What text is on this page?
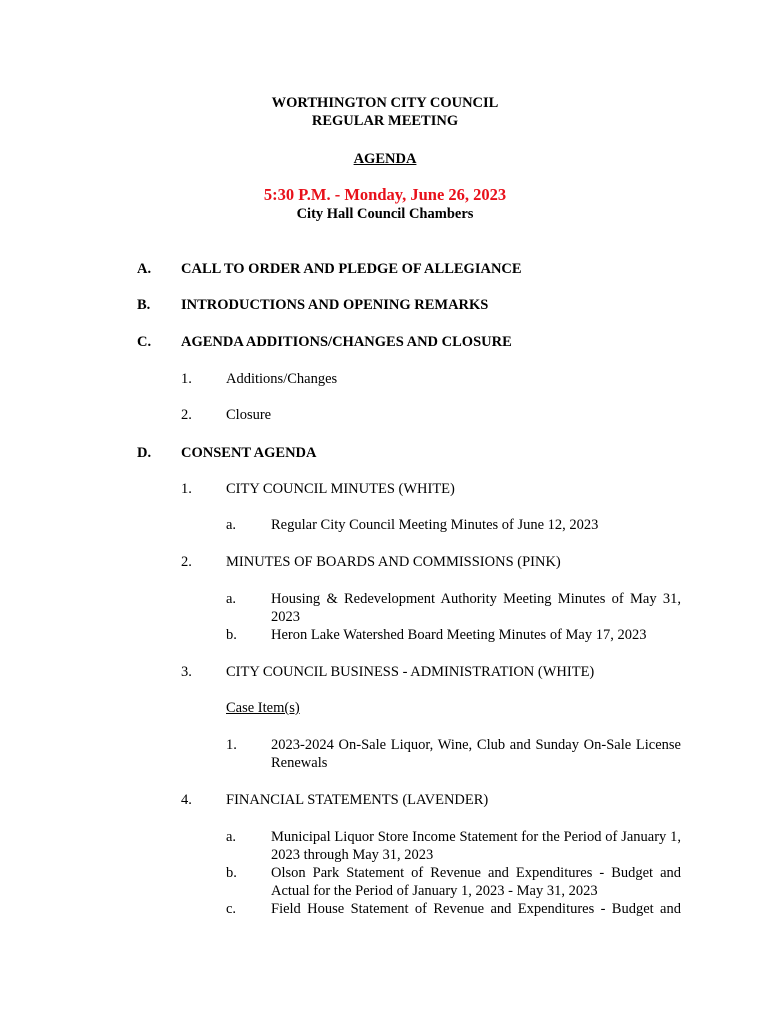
WORTHINGTON CITY COUNCIL
REGULAR MEETING
AGENDA
5:30 P.M. - Monday, June 26, 2023
City Hall Council Chambers
A. CALL TO ORDER AND PLEDGE OF ALLEGIANCE
B. INTRODUCTIONS AND OPENING REMARKS
C. AGENDA ADDITIONS/CHANGES AND CLOSURE
1. Additions/Changes
2. Closure
D. CONSENT AGENDA
1. CITY COUNCIL MINUTES (WHITE)
a. Regular City Council Meeting Minutes of June 12, 2023
2. MINUTES OF BOARDS AND COMMISSIONS (PINK)
a. Housing & Redevelopment Authority Meeting Minutes of May 31, 2023
b. Heron Lake Watershed Board Meeting Minutes of May 17, 2023
3. CITY COUNCIL BUSINESS - ADMINISTRATION (WHITE)
Case Item(s)
1. 2023-2024 On-Sale Liquor, Wine, Club and Sunday On-Sale License Renewals
4. FINANCIAL STATEMENTS (LAVENDER)
a. Municipal Liquor Store Income Statement for the Period of January 1, 2023 through May 31, 2023
b. Olson Park Statement of Revenue and Expenditures - Budget and Actual for the Period of January 1, 2023 - May 31, 2023
c. Field House Statement of Revenue and Expenditures - Budget and
